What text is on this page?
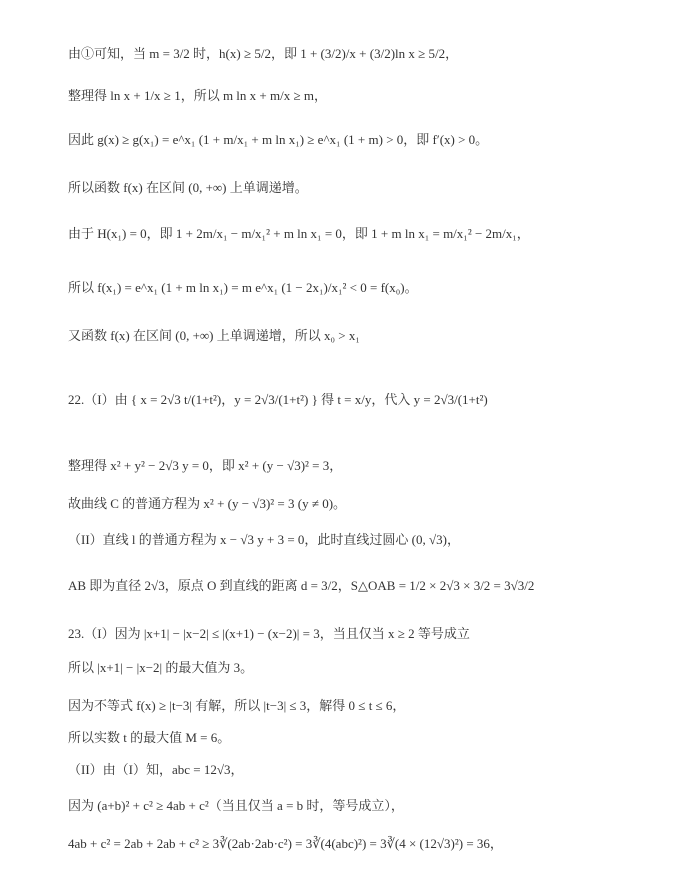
由①可知，当 m = 3/2 时，h(x) ≥ 5/2，即 1 + (3/2)/x + (3/2)ln x ≥ 5/2，
整理得 ln x + 1/x ≥ 1，所以 m ln x + m/x ≥ m，
因此 g(x) ≥ g(x₁) = e^x₁ (1 + m/x₁ + m ln x₁) ≥ e^x₁ (1 + m) > 0，即 f′(x) > 0。
所以函数 f(x) 在区间 (0, +∞) 上单调递增。
由于 H(x₁) = 0，即 1 + 2m/x₁ − m/x₁² + m ln x₁ = 0，即 1 + m ln x₁ = m/x₁² − 2m/x₁，
所以 f(x₁) = e^x₁ (1 + m ln x₁) = m e^x₁ (1 − 2x₁)/x₁² < 0 = f(x₀)。
又函数 f(x) 在区间 (0, +∞) 上单调递增，所以 x₀ > x₁
22.（I）由 { x = 2√3 t/(1+t²)，y = 2√3/(1+t²) } 得 t = x/y，代入 y = 2√3/(1+t²)
整理得 x² + y² − 2√3 y = 0，即 x² + (y − √3)² = 3，
故曲线 C 的普通方程为 x² + (y − √3)² = 3 (y ≠ 0)。
（II）直线 l 的普通方程为 x − √3 y + 3 = 0，此时直线过圆心 (0, √3)，
AB 即为直径 2√3，原点 O 到直线的距离 d = 3/2，S△OAB = 1/2 × 2√3 × 3/2 = 3√3/2
23.（I）因为 |x+1| − |x−2| ≤ |(x+1) − (x−2)| = 3，当且仅当 x ≥ 2 等号成立
所以 |x+1| − |x−2| 的最大值为 3。
因为不等式 f(x) ≥ |t−3| 有解，所以 |t−3| ≤ 3，解得 0 ≤ t ≤ 6，
所以实数 t 的最大值 M = 6。
（II）由（I）知，abc = 12√3，
因为 (a+b)² + c² ≥ 4ab + c²（当且仅当 a = b 时，等号成立），
4ab + c² = 2ab + 2ab + c² ≥ 3∛(2ab·2ab·c²) = 3∛(4(abc)²) = 3∛(4 × (12√3)²) = 36，
